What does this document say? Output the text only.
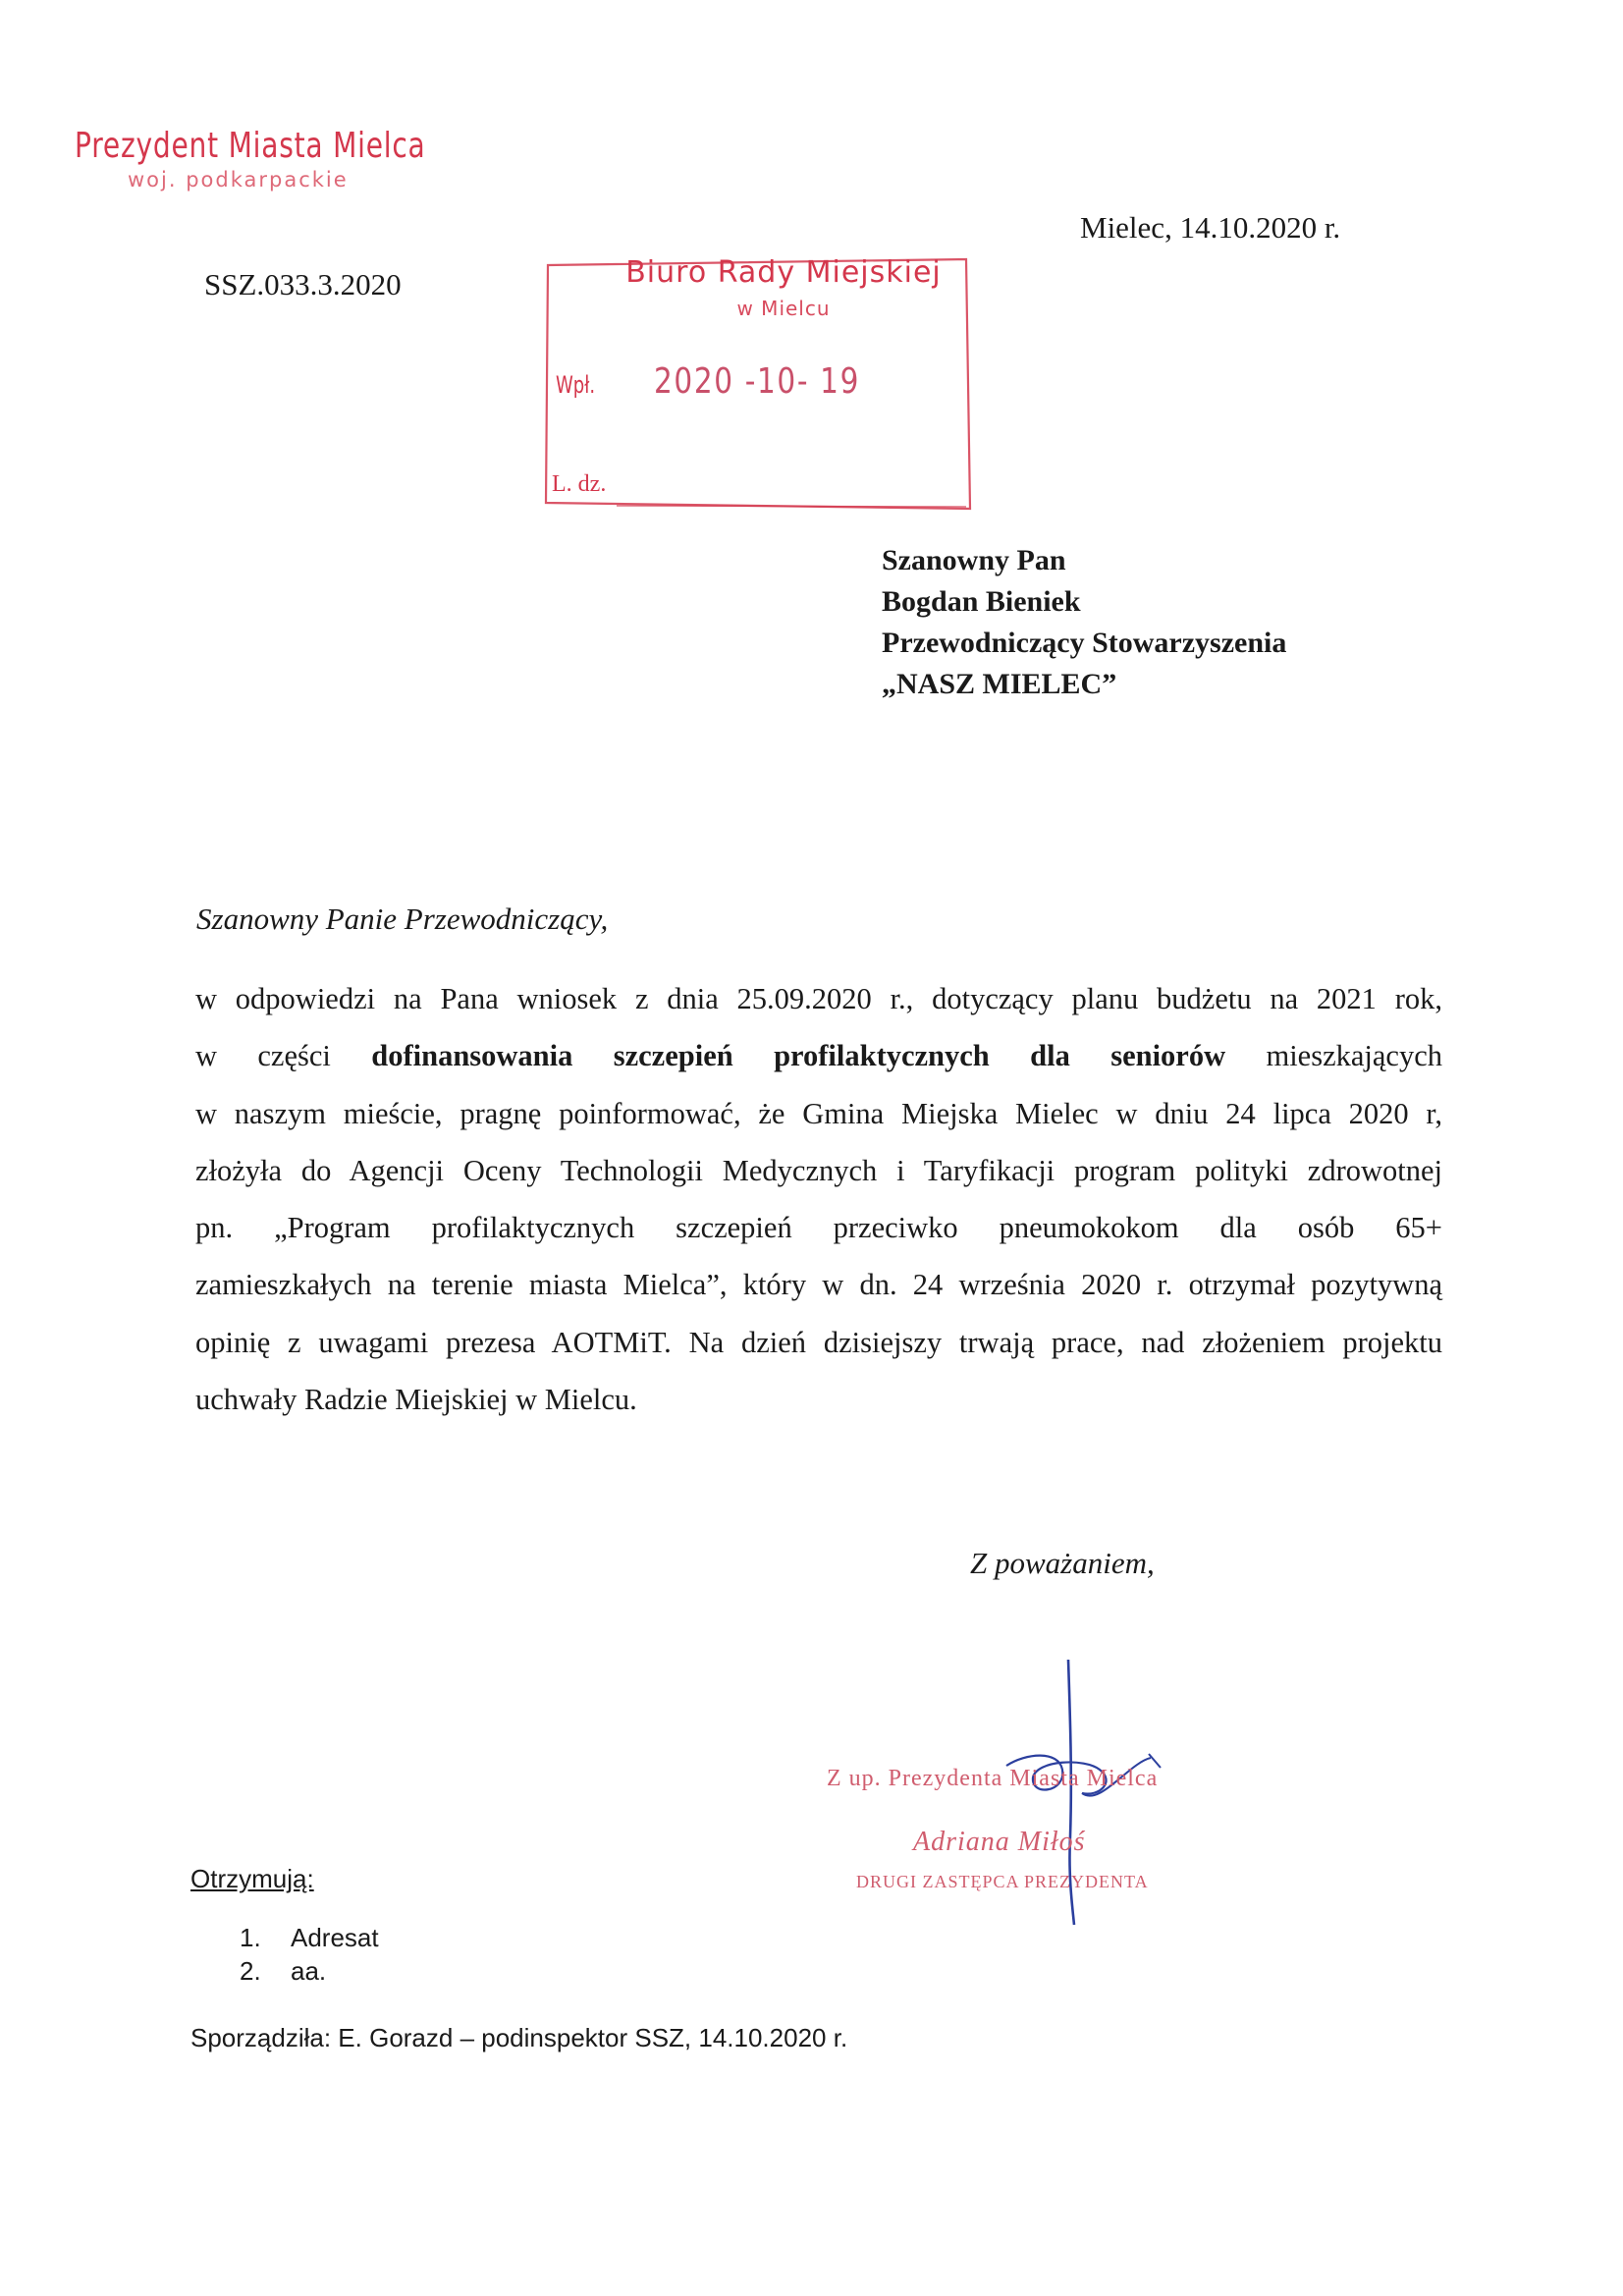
Prezydent Miasta Mielca
woj. podkarpackie
Mielec, 14.10.2020 r.
SSZ.033.3.2020	Biuro Rady Miejskiej
w Mielcu
Wpł. 2020 -10- 19
L. dz.
Szanowny Pan
Bogdan Bieniek
Przewodniczący Stowarzyszenia
„NASZ MIELEC”
Szanowny Panie Przewodniczący,
w odpowiedzi na Pana wniosek z dnia 25.09.2020 r., dotyczący planu budżetu na 2021 rok,
w części dofinansowania szczepień profilaktycznych dla seniorów mieszkających
w naszym mieście, pragnę poinformować, że Gmina Miejska Mielec w dniu 24 lipca 2020 r,
złożyła do Agencji Oceny Technologii Medycznych i Taryfikacji program polityki zdrowotnej
pn. „Program profilaktycznych szczepień przeciwko pneumokokom dla osób 65+
zamieszkałych na terenie miasta Mielca”, który w dn. 24 września 2020 r. otrzymał pozytywną
opinię z uwagami prezesa AOTMiT. Na dzień dzisiejszy trwają prace, nad złożeniem projektu
uchwały Radzie Miejskiej w Mielcu.
Z poważaniem,
Z up. Prezydenta Miasta Mielca
Adriana Miłoś
DRUGI ZASTĘPCA PREZYDENTA
Otrzymują:
1.	Adresat
2.	aa.
Sporządziła: E. Gorazd – podinspektor SSZ, 14.10.2020 r.
